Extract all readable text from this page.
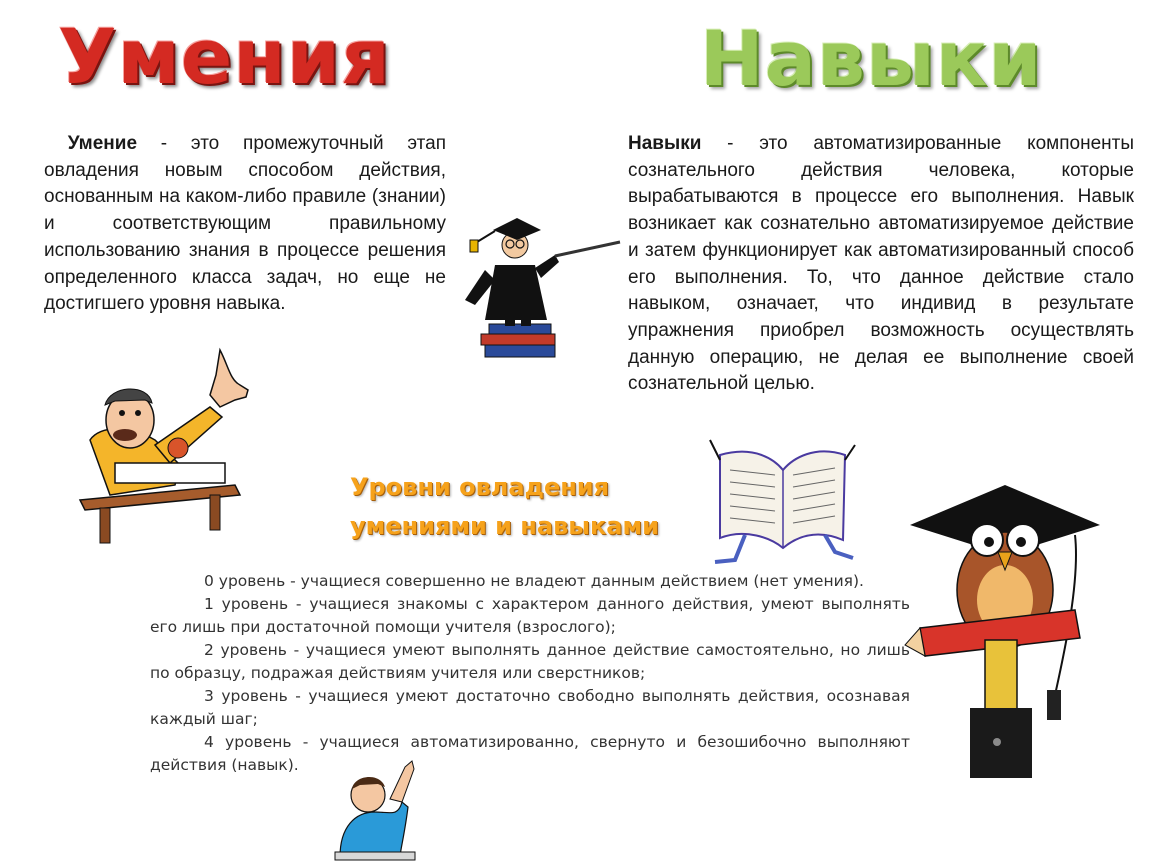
Умения	Навыки
Умение - это промежуточный этап овладения новым способом действия, основанным на каком-либо правиле (знании) и соответствующим правильному использованию знания в процессе решения определенного класса задач, но еще не достигшего уровня навыка.
Навыки - это автоматизированные компоненты сознательного действия человека, которые вырабатываются в процессе его выполнения. Навык возникает как сознательно автоматизируемое действие и затем функционирует как автоматизированный способ его выполнения. То, что данное действие стало навыком, означает, что индивид в результате упражнения приобрел возможность осуществлять данную операцию, не делая ее выполнение своей сознательной целью.
Уровни овладения
умениями и навыками

0 уровень - учащиеся совершенно не владеют данным действием (нет умения).

1 уровень - учащиеся знакомы с характером данного действия, умеют выполнять его лишь при достаточной помощи учителя (взрослого);

2 уровень - учащиеся умеют выполнять данное действие самостоятельно, но лишь по образцу, подражая действиям учителя или сверстников;

3 уровень - учащиеся умеют достаточно свободно выполнять действия, осознавая каждый шаг;

4 уровень - учащиеся автоматизированно, свернуто и безошибочно выполняют действия (навык).
